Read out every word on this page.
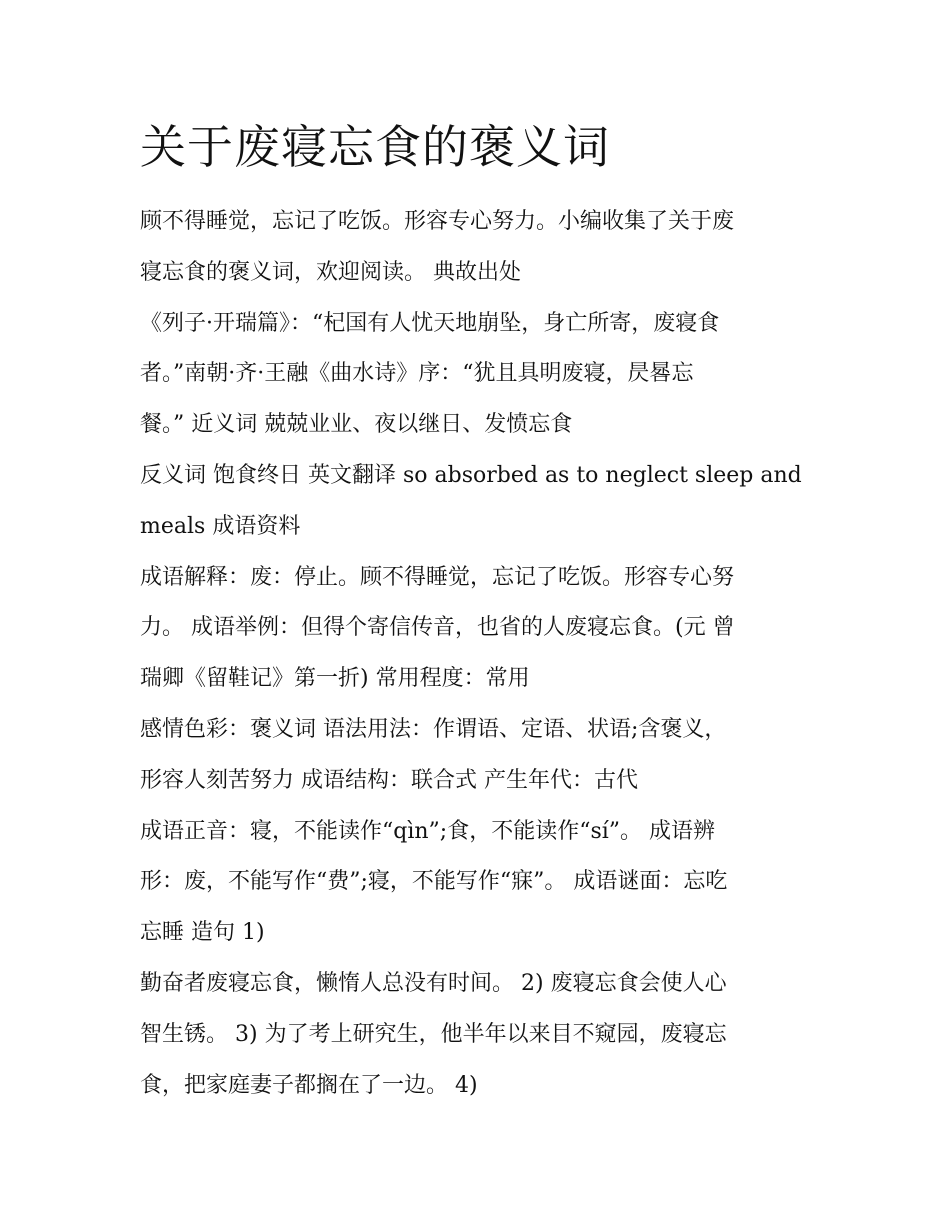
关于废寝忘食的褒义词
顾不得睡觉，忘记了吃饭。形容专心努力。小编收集了关于废
寝忘食的褒义词，欢迎阅读。 典故出处
《列子·开瑞篇》：“杞国有人忧天地崩坠，身亡所寄，废寝食
者。”南朝·齐·王融《曲水诗》序：“犹且具明废寝，昃晷忘
餐。” 近义词 兢兢业业、夜以继日、发愤忘食
反义词 饱食终日 英文翻译 so absorbed as to neglect sleep and
meals 成语资料
成语解释：废：停止。顾不得睡觉，忘记了吃饭。形容专心努
力。 成语举例：但得个寄信传音，也省的人废寝忘食。(元 曾
瑞卿《留鞋记》第一折) 常用程度：常用
感情色彩：褒义词 语法用法：作谓语、定语、状语;含褒义，
形容人刻苦努力 成语结构：联合式 产生年代：古代
成语正音：寝，不能读作“qìn”;食，不能读作“sí”。 成语辨
形：废，不能写作“费”;寝，不能写作“寐”。 成语谜面：忘吃
忘睡 造句 1)
勤奋者废寝忘食，懒惰人总没有时间。 2) 废寝忘食会使人心
智生锈。 3) 为了考上研究生，他半年以来目不窥园，废寝忘
食，把家庭妻子都搁在了一边。 4)
